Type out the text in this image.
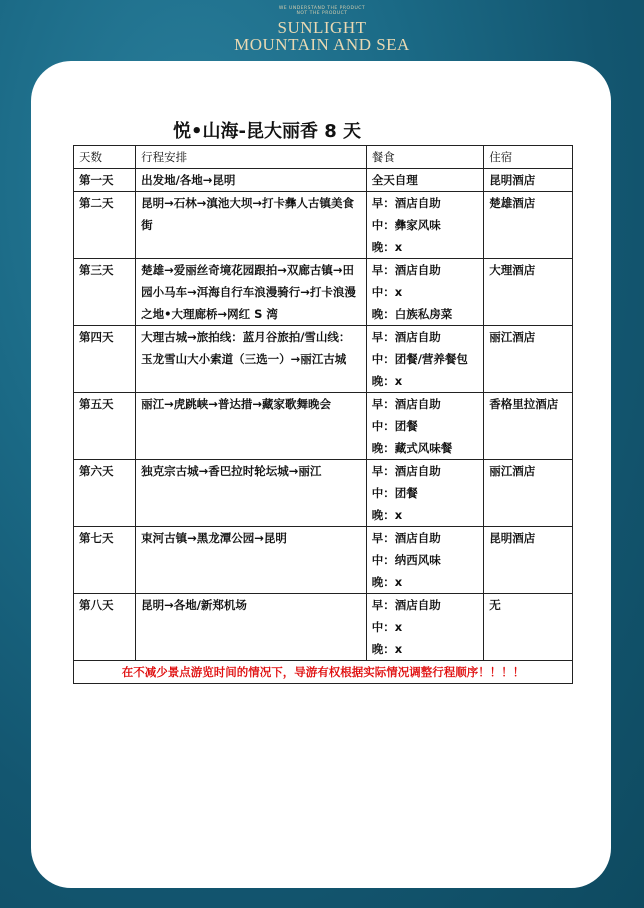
WE UNDERSTAND THE PRODUCT
NOT THE PRODUCT
SUNLIGHT
MOUNTAIN AND SEA
悦•山海-昆大丽香 8 天
天数	行程安排	餐食	住宿
第一天	出发地/各地→昆明	全天自理	昆明酒店
第二天	昆明→石林→滇池大坝→打卡彝人古镇美食街	早：酒店自助
中：彝家风味
晚：x	楚雄酒店
第三天	楚雄→爱丽丝奇境花园跟拍→双廊古镇→田园小马车→洱海自行车浪漫骑行→打卡浪漫之地•大理廊桥→网红 S 湾	早：酒店自助
中：x
晚：白族私房菜	大理酒店
第四天	大理古城→旅拍线：蓝月谷旅拍/雪山线：玉龙雪山大小索道（三选一）→丽江古城	早：酒店自助
中：团餐/营养餐包
晚：x	丽江酒店
第五天	丽江→虎跳峡→普达措→藏家歌舞晚会	早：酒店自助
中：团餐
晚：藏式风味餐	香格里拉酒店
第六天	独克宗古城→香巴拉时轮坛城→丽江	早：酒店自助
中：团餐
晚：x	丽江酒店
第七天	束河古镇→黑龙潭公园→昆明	早：酒店自助
中：纳西风味
晚：x	昆明酒店
第八天	昆明→各地/新郑机场	早：酒店自助
中：x
晚：x	无
在不减少景点游览时间的情况下，导游有权根据实际情况调整行程顺序！！！！			
